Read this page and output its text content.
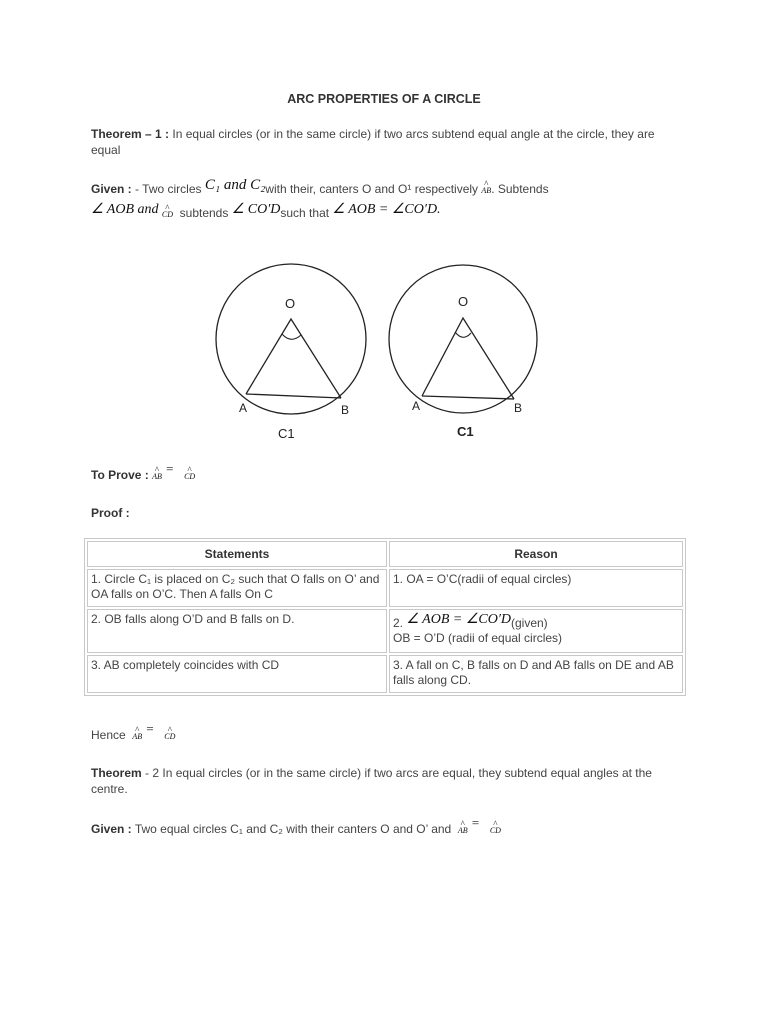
ARC PROPERTIES OF A CIRCLE
Theorem – 1 : In equal circles (or in the same circle) if two arcs subtend equal angle at the circle, they are equal
Given : - Two circles C₁ and C₂with their, canters O and O¹ respectively ^ AB. Subtends
∠ AOB and ^ CD subtends ∠ CO′Dsuch that ∠ AOB = ∠CO′D.
O
A	B
C1
O
A	B
C1
To Prove : ^ AB =   ^ CD
Proof :
Statements	Reason
1. Circle C₁ is placed on C₂ such that O falls on O’ and OA falls on O’C. Then A falls On C	1. OA = O’C(radii of equal circles)
2. OB falls along O’D and B falls on D.	2. ∠ AOB = ∠CO′D(given)
OB = O’D (radii of equal circles)

3. AB completely coincides with CD	3. A fall on C, B falls on D and AB falls on DE and AB falls along CD.
Hence ^ AB =   ^ CD
Theorem - 2 In equal circles (or in the same circle) if two arcs are equal, they subtend equal angles at the centre.
Given : Two equal circles C₁ and C₂ with their canters O and O’ and ^ AB =   ^ CD
